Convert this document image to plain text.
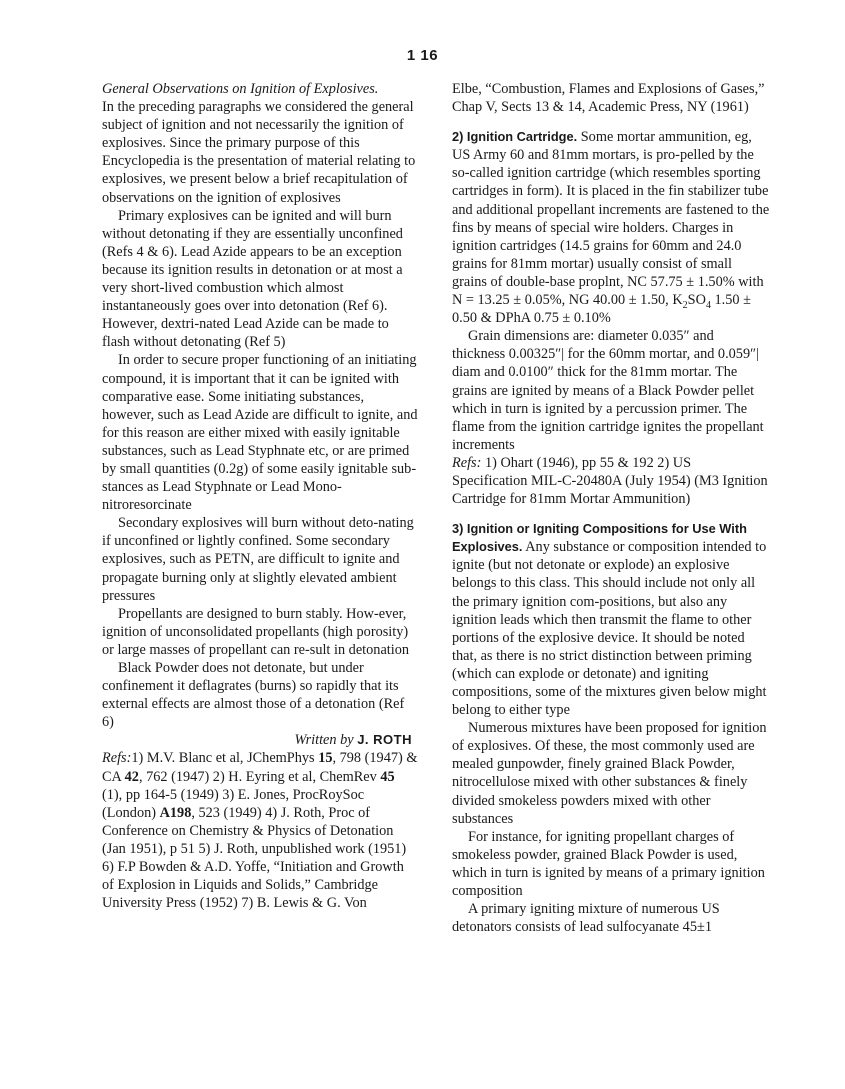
1 16

General Observations on Ignition of Explosives.
In the preceding paragraphs we considered the general subject of ignition and not necessarily the ignition of explosives. Since the primary purpose of this Encyclopedia is the presentation of material relating to explosives, we present below a brief recapitulation of observations on the ignition of explosives

Primary explosives can be ignited and will burn without detonating if they are essentially unconfined (Refs 4 & 6). Lead Azide appears to be an exception because its ignition results in detonation or at most a very short-lived combustion which almost instantaneously goes over into detonation (Ref 6). However, dextri-nated Lead Azide can be made to flash without detonating (Ref 5)

In order to secure proper functioning of an initiating compound, it is important that it can be ignited with comparative ease. Some initiating substances, however, such as Lead Azide are difficult to ignite, and for this reason are either mixed with easily ignitable substances, such as Lead Styphnate etc, or are primed by small quantities (0.2g) of some easily ignitable sub-stances as Lead Styphnate or Lead Mono-nitroresorcinate

Secondary explosives will burn without deto-nating if unconfined or lightly confined. Some secondary explosives, such as PETN, are difficult to ignite and propagate burning only at slightly elevated ambient pressures

Propellants are designed to burn stably. How-ever, ignition of unconsolidated propellants (high porosity) or large masses of propellant can re-sult in detonation

Black Powder does not detonate, but under confinement it deflagrates (burns) so rapidly that its external effects are almost those of a detonation (Ref 6)

Written by J. ROTH

Refs:1) M.V. Blanc et al, JChemPhys 15, 798 (1947) & CA 42, 762 (1947) 2) H. Eyring et al, ChemRev 45 (1), pp 164-5 (1949) 3) E. Jones, ProcRoySoc (London) A198, 523 (1949) 4) J. Roth, Proc of Conference on Chemistry & Physics of Detonation (Jan 1951), p 51 5) J. Roth, unpublished work (1951) 6) F.P Bowden & A.D. Yoffe, “Initiation and Growth of Explosion in Liquids and Solids,” Cambridge University Press (1952) 7) B. Lewis & G. Von

Elbe, “Combustion, Flames and Explosions of Gases,” Chap V, Sects 13 & 14, Academic Press, NY (1961)

2) Ignition Cartridge. Some mortar ammunition, eg, US Army 60 and 81mm mortars, is pro-pelled by the so-called ignition cartridge (which resembles sporting cartridges in form). It is placed in the fin stabilizer tube and additional propellant increments are fastened to the fins by means of special wire holders. Charges in ignition cartridges (14.5 grains for 60mm and 24.0 grains for 81mm mortar) usually consist of small grains of double-base proplnt, NC 57.75 ± 1.50% with N = 13.25 ± 0.05%, NG 40.00 ± 1.50, $K_2SO_4$ 1.50 ± 0.50 & DPhA 0.75 ± 0.10%

Grain dimensions are: diameter 0.035″ and thickness 0.00325″| for the 60mm mortar, and 0.059″| diam and 0.0100″ thick for the 81mm mortar. The grains are ignited by means of a Black Powder pellet which in turn is ignited by a percussion primer. The flame from the ignition cartridge ignites the propellant increments

Refs: 1) Ohart (1946), pp 55 & 192 2) US Specification MIL-C-20480A (July 1954) (M3 Ignition Cartridge for 81mm Mortar Ammunition)

3) Ignition or Igniting Compositions for Use With Explosives. Any substance or composition intended to ignite (but not detonate or explode) an explosive belongs to this class. This should include not only all the primary ignition com-positions, but also any ignition leads which then transmit the flame to other portions of the explosive device. It should be noted that, as there is no strict distinction between priming (which can explode or detonate) and igniting compositions, some of the mixtures given below might belong to either type

Numerous mixtures have been proposed for ignition of explosives. Of these, the most commonly used are mealed gunpowder, finely grained Black Powder, nitrocellulose mixed with other substances & finely divided smokeless powders mixed with other substances

For instance, for igniting propellant charges of smokeless powder, grained Black Powder is used, which in turn is ignited by means of a primary ignition composition

A primary igniting mixture of numerous US detonators consists of lead sulfocyanate 45±1
